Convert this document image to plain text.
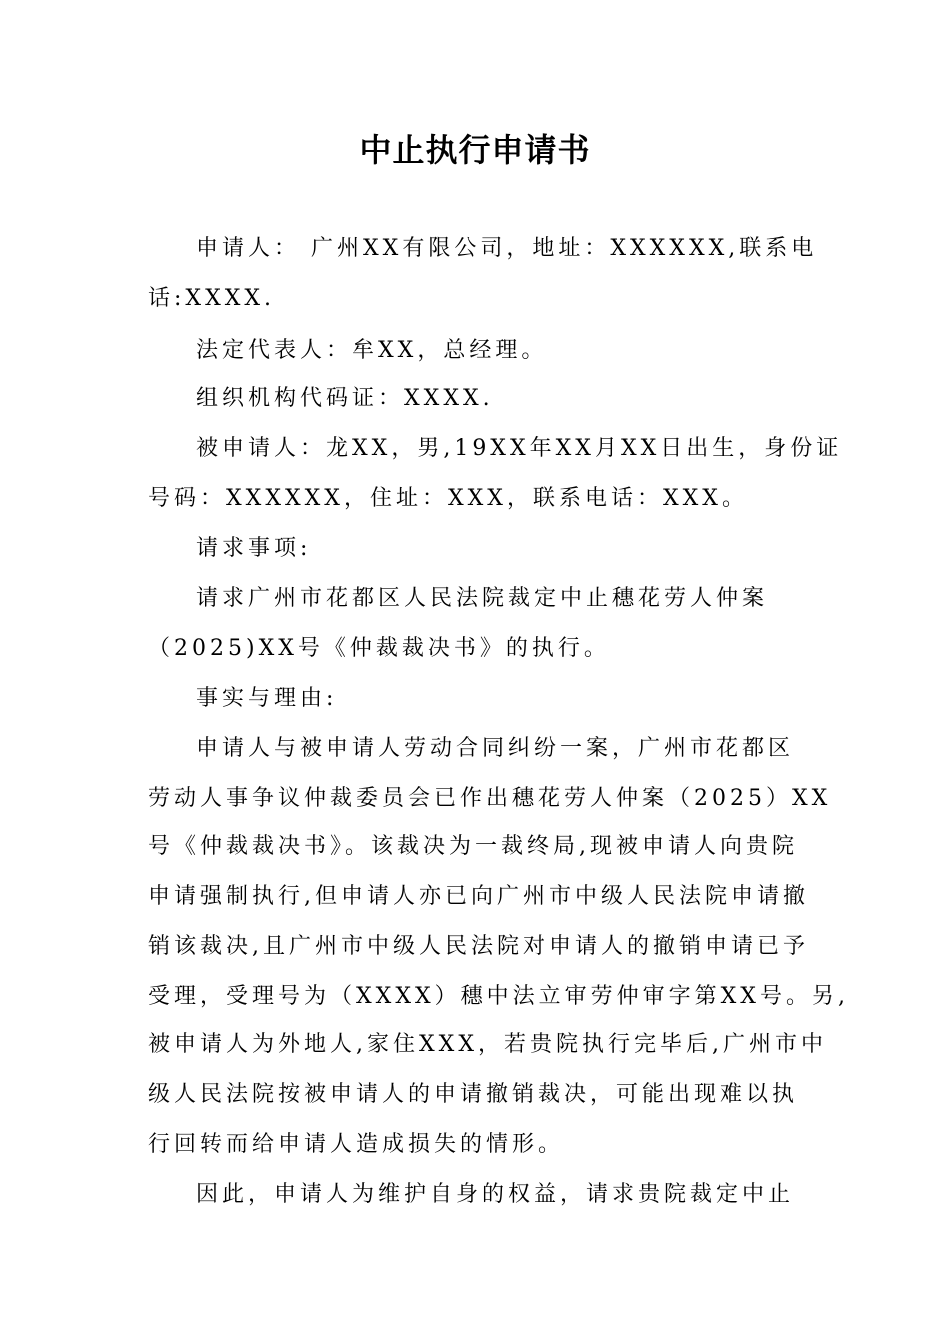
中止执行申请书
申请人： 广州XX有限公司，地址：XXXXXX,联系电
话:XXXX.
法定代表人：牟XX，总经理。
组织机构代码证：XXXX.
被申请人：龙XX，男,19XX年XX月XX日出生，身份证
号码：XXXXXX，住址：XXX，联系电话：XXX。
请求事项:
请求广州市花都区人民法院裁定中止穗花劳人仲案
（2025)XX号《仲裁裁决书》的执行。
事实与理由:
申请人与被申请人劳动合同纠纷一案，广州市花都区
劳动人事争议仲裁委员会已作出穗花劳人仲案（2025）XX
号《仲裁裁决书》。该裁决为一裁终局,现被申请人向贵院
申请强制执行,但申请人亦已向广州市中级人民法院申请撤
销该裁决,且广州市中级人民法院对申请人的撤销申请已予
受理，受理号为（XXXX）穗中法立审劳仲审字第XX号。另,
被申请人为外地人,家住XXX，若贵院执行完毕后,广州市中
级人民法院按被申请人的申请撤销裁决，可能出现难以执
行回转而给申请人造成损失的情形。
因此，申请人为维护自身的权益，请求贵院裁定中止
